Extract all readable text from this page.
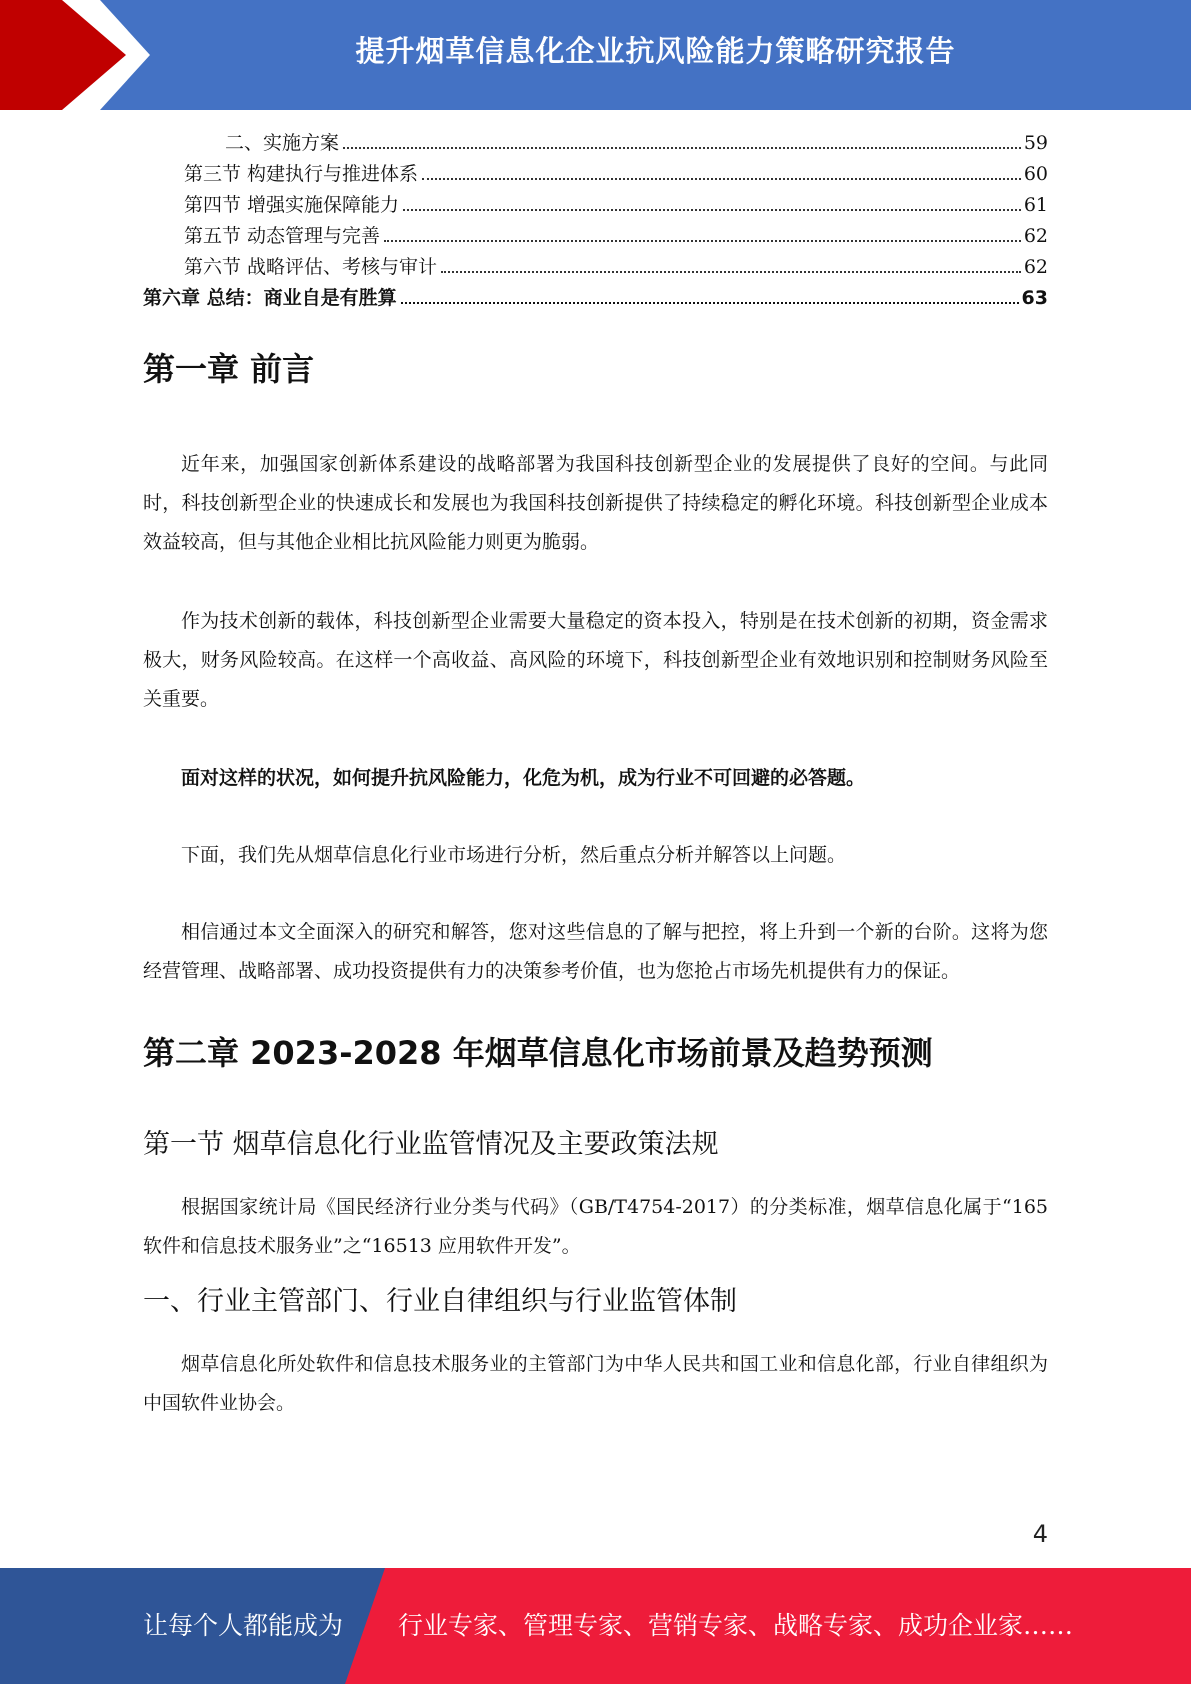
提升烟草信息化企业抗风险能力策略研究报告
二、实施方案	59
第三节 构建执行与推进体系	60
第四节 增强实施保障能力	61
第五节 动态管理与完善	62
第六节 战略评估、考核与审计	62
第六章 总结：商业自是有胜算	63
第一章 前言

近年来，加强国家创新体系建设的战略部署为我国科技创新型企业的发展提供了良好的空间。与此同时，科技创新型企业的快速成长和发展也为我国科技创新提供了持续稳定的孵化环境。科技创新型企业成本效益较高，但与其他企业相比抗风险能力则更为脆弱。

作为技术创新的载体，科技创新型企业需要大量稳定的资本投入，特别是在技术创新的初期，资金需求极大，财务风险较高。在这样一个高收益、高风险的环境下，科技创新型企业有效地识别和控制财务风险至关重要。

面对这样的状况，如何提升抗风险能力，化危为机，成为行业不可回避的必答题。

下面，我们先从烟草信息化行业市场进行分析，然后重点分析并解答以上问题。

相信通过本文全面深入的研究和解答，您对这些信息的了解与把控，将上升到一个新的台阶。这将为您经营管理、战略部署、成功投资提供有力的决策参考价值，也为您抢占市场先机提供有力的保证。

第二章 2023-2028 年烟草信息化市场前景及趋势预测
第一节 烟草信息化行业监管情况及主要政策法规

根据国家统计局《国民经济行业分类与代码》（GB/T4754-2017）的分类标准，烟草信息化属于“165 软件和信息技术服务业”之“16513 应用软件开发”。

一、行业主管部门、行业自律组织与行业监管体制

烟草信息化所处软件和信息技术服务业的主管部门为中华人民共和国工业和信息化部，行业自律组织为中国软件业协会。

4
让每个人都能成为 行业专家、管理专家、营销专家、战略专家、成功企业家……
